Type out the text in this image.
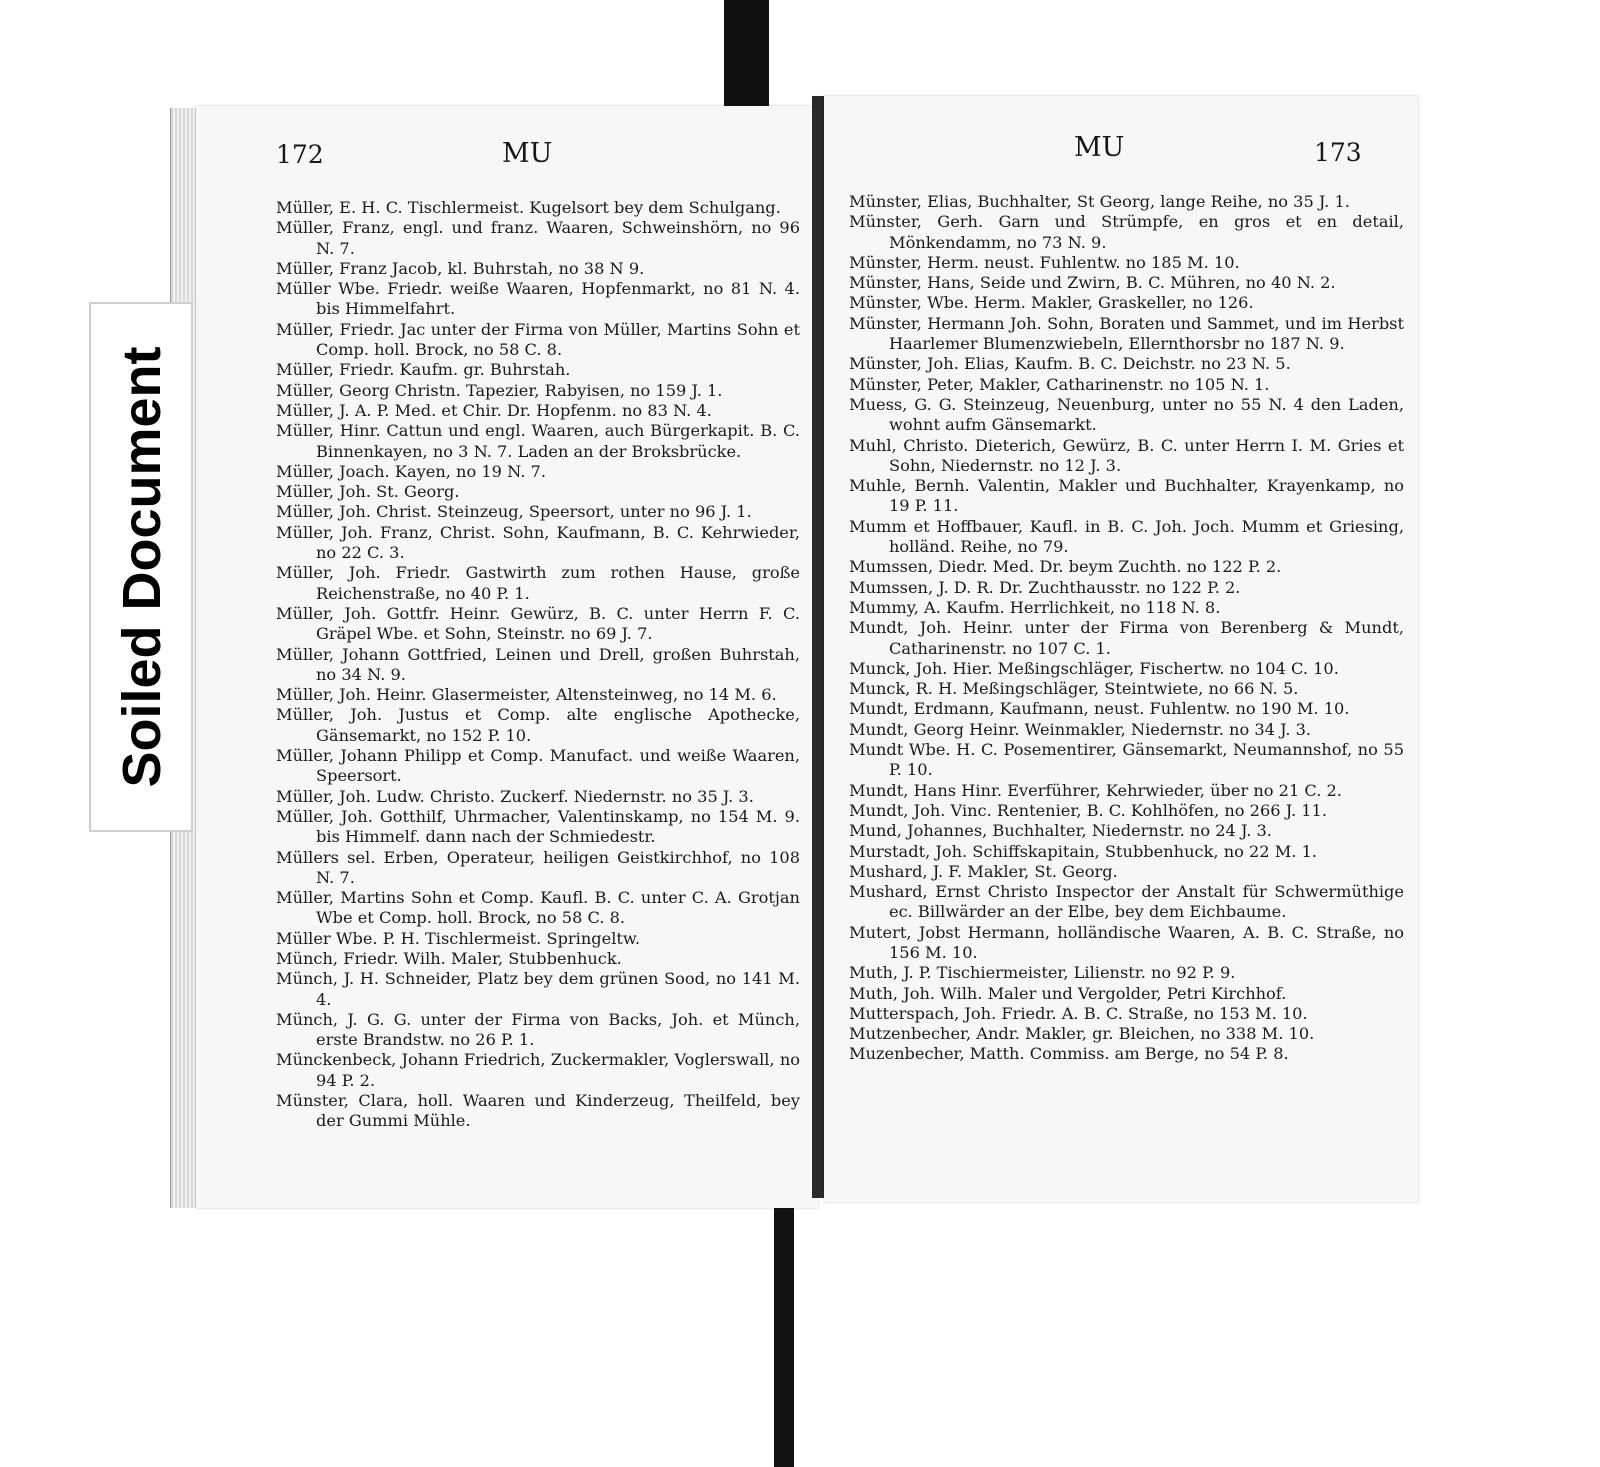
172	MU
Müller, E. H. C. Tischlermeist. Kugelsort bey dem Schulgang.
Müller, Franz, engl. und franz. Waaren, Schweinshörn, no 96 N. 7.
Müller, Franz Jacob, kl. Buhrstah, no 38 N 9.
Müller Wbe. Friedr. weiße Waaren, Hopfenmarkt, no 81 N. 4. bis Himmelfahrt.
Müller, Friedr. Jac unter der Firma von Müller, Martins Sohn et Comp. holl. Brock, no 58 C. 8.
Müller, Friedr. Kaufm. gr. Buhrstah.
Müller, Georg Christn. Tapezier, Rabyisen, no 159 J. 1.
Müller, J. A. P. Med. et Chir. Dr. Hopfenm. no 83 N. 4.
Müller, Hinr. Cattun und engl. Waaren, auch Bürgerkapit. B. C. Binnenkayen, no 3 N. 7. Laden an der Broksbrücke.
Müller, Joach. Kayen, no 19 N. 7.
Müller, Joh. St. Georg.
Müller, Joh. Christ. Steinzeug, Speersort, unter no 96 J. 1.
Müller, Joh. Franz, Christ. Sohn, Kaufmann, B. C. Kehrwieder, no 22 C. 3.
Müller, Joh. Friedr. Gastwirth zum rothen Hause, große Reichenstraße, no 40 P. 1.
Müller, Joh. Gottfr. Heinr. Gewürz, B. C. unter Herrn F. C. Gräpel Wbe. et Sohn, Steinstr. no 69 J. 7.
Müller, Johann Gottfried, Leinen und Drell, großen Buhrstah, no 34 N. 9.
Müller, Joh. Heinr. Glasermeister, Altensteinweg, no 14 M. 6.
Müller, Joh. Justus et Comp. alte englische Apothecke, Gänsemarkt, no 152 P. 10.
Müller, Johann Philipp et Comp. Manufact. und weiße Waaren, Speersort.
Müller, Joh. Ludw. Christo. Zuckerf. Niedernstr. no 35 J. 3.
Müller, Joh. Gotthilf, Uhrmacher, Valentinskamp, no 154 M. 9. bis Himmelf. dann nach der Schmiedestr.
Müllers sel. Erben, Operateur, heiligen Geistkirchhof, no 108 N. 7.
Müller, Martins Sohn et Comp. Kaufl. B. C. unter C. A. Grotjan Wbe et Comp. holl. Brock, no 58 C. 8.
Müller Wbe. P. H. Tischlermeist. Springeltw.
Münch, Friedr. Wilh. Maler, Stubbenhuck.
Münch, J. H. Schneider, Platz bey dem grünen Sood, no 141 M. 4.
Münch, J. G. G. unter der Firma von Backs, Joh. et Münch, erste Brandstw. no 26 P. 1.
Münckenbeck, Johann Friedrich, Zuckermakler, Voglerswall, no 94 P. 2.
Münster, Clara, holl. Waaren und Kinderzeug, Theilfeld, bey der Gummi Mühle.
MU	173
Münster, Elias, Buchhalter, St Georg, lange Reihe, no 35 J. 1.
Münster, Gerh. Garn und Strümpfe, en gros et en detail, Mönkendamm, no 73 N. 9.
Münster, Herm. neust. Fuhlentw. no 185 M. 10.
Münster, Hans, Seide und Zwirn, B. C. Mühren, no 40 N. 2.
Münster, Wbe. Herm. Makler, Graskeller, no 126.
Münster, Hermann Joh. Sohn, Boraten und Sammet, und im Herbst Haarlemer Blumenzwiebeln, Ellernthorsbr no 187 N. 9.
Münster, Joh. Elias, Kaufm. B. C. Deichstr. no 23 N. 5.
Münster, Peter, Makler, Catharinenstr. no 105 N. 1.
Muess, G. G. Steinzeug, Neuenburg, unter no 55 N. 4 den Laden, wohnt aufm Gänsemarkt.
Muhl, Christo. Dieterich, Gewürz, B. C. unter Herrn I. M. Gries et Sohn, Niedernstr. no 12 J. 3.
Muhle, Bernh. Valentin, Makler und Buchhalter, Krayenkamp, no 19 P. 11.
Mumm et Hoffbauer, Kaufl. in B. C. Joh. Joch. Mumm et Griesing, holländ. Reihe, no 79.
Mumssen, Diedr. Med. Dr. beym Zuchth. no 122 P. 2.
Mumssen, J. D. R. Dr. Zuchthausstr. no 122 P. 2.
Mummy, A. Kaufm. Herrlichkeit, no 118 N. 8.
Mundt, Joh. Heinr. unter der Firma von Berenberg & Mundt, Catharinenstr. no 107 C. 1.
Munck, Joh. Hier. Meßingschläger, Fischertw. no 104 C. 10.
Munck, R. H. Meßingschläger, Steintwiete, no 66 N. 5.
Mundt, Erdmann, Kaufmann, neust. Fuhlentw. no 190 M. 10.
Mundt, Georg Heinr. Weinmakler, Niedernstr. no 34 J. 3.
Mundt Wbe. H. C. Posementirer, Gänsemarkt, Neumannshof, no 55 P. 10.
Mundt, Hans Hinr. Everführer, Kehrwieder, über no 21 C. 2.
Mundt, Joh. Vinc. Rentenier, B. C. Kohlhöfen, no 266 J. 11.
Mund, Johannes, Buchhalter, Niedernstr. no 24 J. 3.
Murstadt, Joh. Schiffskapitain, Stubbenhuck, no 22 M. 1.
Mushard, J. F. Makler, St. Georg.
Mushard, Ernst Christo Inspector der Anstalt für Schwermüthige ec. Billwärder an der Elbe, bey dem Eichbaume.
Mutert, Jobst Hermann, holländische Waaren, A. B. C. Straße, no 156 M. 10.
Muth, J. P. Tischiermeister, Lilienstr. no 92 P. 9.
Muth, Joh. Wilh. Maler und Vergolder, Petri Kirchhof.
Mutterspach, Joh. Friedr. A. B. C. Straße, no 153 M. 10.
Mutzenbecher, Andr. Makler, gr. Bleichen, no 338 M. 10.
Muzenbecher, Matth. Commiss. am Berge, no 54 P. 8.
Soiled Document
